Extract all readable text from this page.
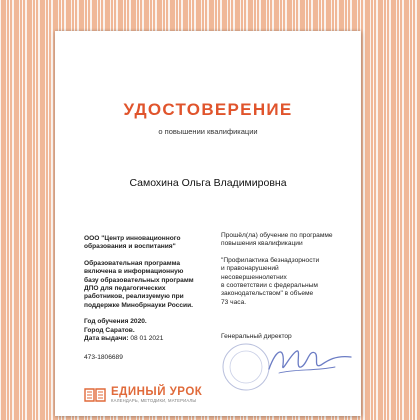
УДОСТОВЕРЕНИЕ
о повышении квалификации
Самохина Ольга Владимировна
ООО "Центр инновационного
образования и воспитания"
Образовательная программа
включена в информационную
базу образовательных программ
ДПО для педагогических
работников, реализуемую при
поддержке Минобрнауки России.
Год обучения 2020.
Город Саратов.
Дата выдачи: 08 01 2021
473-1806689
Прошёл(ла) обучение по программе
повышения квалификации
"Профилактика безнадзорности
и правонарушений
несовершеннолетних
в соответствии с федеральным
законодательством" в объеме
73 часа.
Генеральный директор
ЕДИНЫЙ УРОК
КАЛЕНДАРЬ, МЕТОДИКИ, МАТЕРИАЛЫ
